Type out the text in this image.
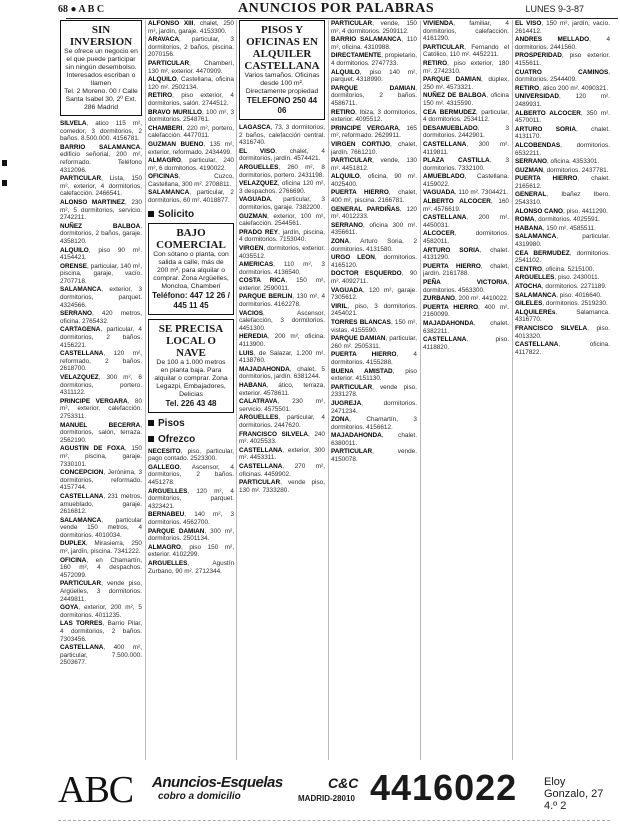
68 ● A B C	ANUNCIOS POR PALABRAS	LUNES 9-3-87
SIN INVERSION
Se ofrece un negocio en el que puede participar sin ningún desembolso. Interesados escriban o llamen
Tel. 2 Moreno. 00 / Calle Santa Isabel 30, 2º Ext. 286 Madrid

SILVELA, atico 115 m², comedor, 3 dormitorios, 2 baños. 8.500.000. 4156781.

BARRIO SALAMANCA, edificio señorial, 200 m², reformado. Teléfono 4312096.

PARTICULAR, Lista, 150 m², exterior, 4 dormitorios, calefacción. 2466541.

ALONSO MARTINEZ, 230 m², 5 dormitorios, servicio. 2742211.

NUÑEZ BALBOA, dormitorios, 2 baños, garaje. 4358120.

ALQUILO, piso 90 m². 4154421.

ORENSE, particular, 140 m², piscina, garaje, vacío. 2707718.

SALAMANCA, exterior, 3 dormitorios, parquet. 4324566.

SERRANO, 420 metros, oficina. 2765432.

CARTAGENA, particular, 4 dormitorios, 2 baños. 4156221.

CASTELLANA, 120 m², reformado, 2 baños. 2618700.

VELAZQUEZ, 300 m², 6 dormitorios, portero. 4311122.

PRINCIPE VERGARA, 80 m², exterior, calefacción. 2753311.

MANUEL BECERRA, dormitorios, salón, terraza. 2562190.

AGUSTIN DE FOXA, 150 m², piscina, garaje. 7330101.

CONCEPCION, Jerónima, 3 dormitorios, reformado. 4157744.

CASTELLANA, 231 metros, amueblado, garaje. 2616812.

SALAMANCA, particular vende 150 metros, 4 dormitorios. 4010034.

DUPLEX, Mirasierra, 250 m², jardín, piscina. 7341222.

OFICINA, en Chamartín, 160 m², 4 despachos. 4572099.

PARTICULAR, vende piso, Argüelles, 3 dormitorios. 2449811.

GOYA, exterior, 200 m², 5 dormitorios. 4011235.

LAS TORRES, Barrio Pilar, 4 dormitorios, 2 baños. 7303456.

CASTELLANA, 400 m², particular, 7.500.000. 2503677.

ALFONSO XIII, chalet, 250 m², jardín, garaje. 4153300.

ARAVACA, particular, 3 dormitorios, 2 baños, piscina. 2070156.

PARTICULAR, Chamberí, 130 m², exterior. 4470909.

ALQUILO, Castellana, oficina 120 m². 2502134.

RETIRO, piso exterior, 4 dormitorios, salón. 2744512.

BRAVO MURILLO, 100 m², 3 dormitorios. 2548761.

CHAMBERI, 220 m², portero, calefacción. 4477011.

GUZMAN BUENO, 135 m², exterior, reformado. 2434499.

ALMAGRO, particular, 240 m², 6 dormitorios. 4190022.

OFICINAS, Cuzco, Castellana, 300 m². 2708811.

SALAMANCA, particular, 2 dormitorios, 60 m². 4018877.

Solicito
BAJO COMERCIAL
Con sótano o planta, con salida a calle, más de 200 m², para alquilar o comprar. Zona Argüelles, Moncloa, Chamberí
Teléfono: 447 12 26 / 445 11 45
SE PRECISA LOCAL O NAVE
De 100 a 1.000 metros en planta baja. Para alquilar o comprar. Zona Legazpi, Embajadores, Delicias
Tel. 226 43 48
Pisos
Ofrezco

NECESITO, piso, particular, pago contado. 2523300.

GALLEGO, Ascensor, 4 dormitorios, 2 baños. 4451278.

ARGUELLES, 120 m², 4 dormitorios, parquet. 4323421.

BERNABEU, 140 m², 3 dormitorios. 4562700.

PARQUE DAMIAN, 300 m², dormitorios. 2501134.

ALMAGRO, piso 150 m², exterior. 4102299.

ARGUELLES, Agustín Zurbano, 90 m². 2712344.

PISOS Y OFICINAS EN ALQUILER CASTELLANA
Varios tamaños. Oficinas desde 100 m². Directamente propiedad
TELEFONO 250 44 06

LAGASCA, 73, 3 dormitorios, 2 baños, calefacción central. 4316740.

EL VISO, chalet, 4 dormitorios, jardín. 4574421.

ARGUELLES, 260 m², 8 dormitorios, portero. 2431198.

VELAZQUEZ, oficina 120 m², 3 despachos. 2766690.

VAGUADA, particular, 3 dormitorios, garaje. 7382200.

GUZMAN, exterior, 100 m², calefacción. 2544561.

PRADO REY, jardín, piscina, 4 dormitorios. 7153040.

VIRGEN, dormitorios, exterior. 4035512.

AMERICAS, 110 m², 3 dormitorios. 4136540.

COSTA RICA, 150 m², exterior. 2590011.

PARQUE BERLIN, 130 m², 4 dormitorios. 4162278.

VACIOS, Ascensor, calefacción, 3 dormitorios. 4451300.

HEREDIA, 200 m², oficina. 4113900.

LUIS, de Salazar, 1.200 m². 4138760.

MAJADAHONDA, chalet, 5 dormitorios, jardín. 6381244.

HABANA, ático, terraza, exterior. 4578611.

CALATRAVA, 230 m², servicio. 4575501.

ARGUELLES, particular, 4 dormitorios. 2447620.

FRANCISCO SILVELA, 240 m². 4025533.

CASTELLANA, exterior, 300 m². 4453311.

CASTELLANA, 270 m², oficinas. 4459902.

PARTICULAR, vende piso, 130 m². 7333280.

PARTICULAR, vende, 150 m², 4 dormitorios. 2509112.

BARRIO SALAMANCA, 110 m², oficina. 4310988.

DIRECTAMENTE, propietario, 4 dormitorios. 2747733.

ALQUILO, piso 140 m², parquet. 4318990.

PARQUE DAMIAN, dormitorios, 2 baños. 4586711.

RETIRO, Ibiza, 3 dormitorios, exterior. 4095512.

PRINCIPE VERGARA, 165 m², reformado. 2629911.

VIRGEN CORTIJO, chalet, jardín. 7661210.

PARTICULAR, vende, 130 m². 4451812.

ALQUILO, oficina, 90 m². 4025400.

PUERTA HIERRO, chalet, 400 m², piscina. 2166781.

GENERAL PARDIÑAS, 120 m². 4012233.

SERRANO, oficina 300 m². 4356611.

ZONA, Arturo Soria, 2 dormitorios. 4131580.

URGO LEON, dormitorios. 4165120.

DOCTOR ESQUERDO, 90 m². 4092711.

VAGUADA, 120 m², garaje. 7305612.

VIRIL, piso, 3 dormitorios. 2454021.

TORRES BLANCAS, 150 m², vistas. 4155590.

PARQUE DAMIAN, particular, 260 m². 2505311.

PUERTA HIERRO, 4 dormitorios. 4155288.

BUENA AMISTAD, piso exterior. 4151130.

PARTICULAR, vende piso. 2331278.

JUGREJA, dormitorios. 2471234.

ZONA, Chamartín, 3 dormitorios. 4156612.

MAJADAHONDA, chalet. 6380011.

PARTICULAR, vende. 4150078.

VIVIENDA, familiar, 4 dormitorios, calefacción. 4161290.

PARTICULAR, Fernando el Católico, 110 m². 4452211.

RETIRO, piso exterior, 180 m². 2742310.

PARQUE DAMIAN, dúplex, 250 m². 4573321.

NUÑEZ DE BALBOA, oficina 150 m². 4315590.

CEA BERMUDEZ, particular, 4 dormitorios. 2534112.

DESAMUEBLADO, 3 dormitorios. 2442901.

CASTELLANA, 300 m². 4119811.

PLAZA CASTILLA, 3 dormitorios. 7332100.

AMUEBLADO, Castellana. 4159022.

VAGUADA, 110 m². 7304421.

ALBERTO ALCOCER, 160 m². 4576619.

CASTELLANA, 200 m². 4450031.

ALCOCER, dormitorios. 4582011.

ARTURO SORIA, chalet. 4131290.

PUERTA HIERRO, chalet, jardín. 2161788.

PEÑA VICTORIA, dormitorios. 4563300.

ZURBANO, 200 m². 4410022.

PUERTA HIERRO, 400 m². 2160099.

MAJADAHONDA, chalet. 6382211.

CASTELLANA, piso. 4118820.

EL VISO, 150 m², jardín, vacío. 2614412.

ANDRES MELLADO, 4 dormitorios. 2441560.

PROSPERIDAD, piso exterior. 4155611.

CUATRO CAMINOS, dormitorios. 2544409.

RETIRO, ático 200 m². 4090321.

UNIVERSIDAD, 120 m². 2489931.

ALBERTO ALCOCER, 350 m². 4570011.

ARTURO SORIA, chalet. 4131170.

ALCOBENDAS, dormitorios. 6532211.

SERRANO, oficina. 4353301.

GUZMAN, dormitorios. 2437781.

PUERTA HIERRO, chalet. 2165612.

GENERAL, Ibañez Ibero. 2543310.

ALONSO CANO, piso. 4411290.

ROMA, dormitorios. 4025591.

HABANA, 150 m². 4585511.

SALAMANCA, particular. 4319980.

CEA BERMUDEZ, dormitorios. 2541102.

CENTRO, oficina. 5215100.

ARGUELLES, piso. 2430011.

ATOCHA, dormitorios. 2271189.

SALAMANCA, piso. 4016640.

GILELES, dormitorios. 2519230.

ALQUILEREs, Salamanca. 4316770.

FRANCISCO SILVELA, piso. 4013320.

CASTELLANA, oficina. 4117822.

ABC Anuncios-Esquelas
cobro a domicilio
C&C
MADRID-28010 4416022 Eloy Gonzalo, 27
4.º 2
